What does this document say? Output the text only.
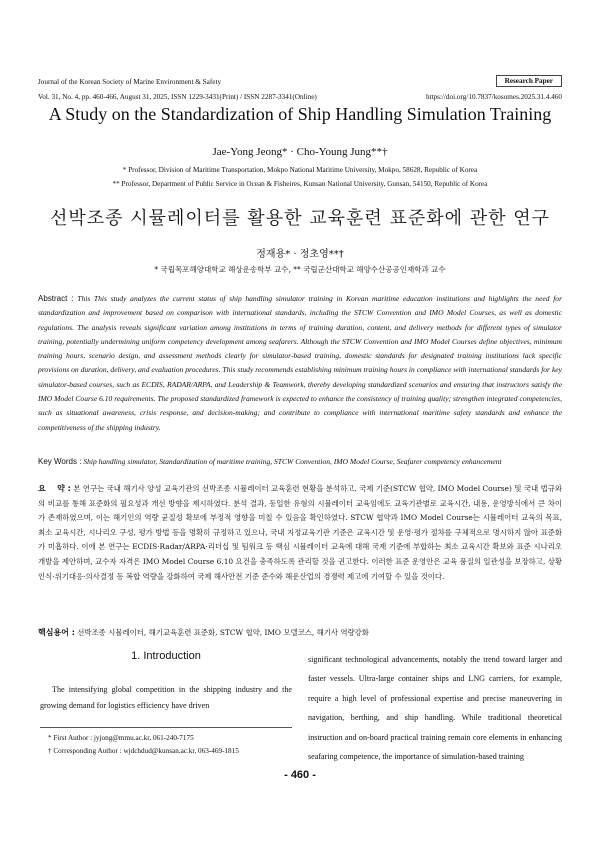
Journal of the Korean Society of Marine Environment & Safety
Vol. 31, No. 4, pp. 460-466, August 31, 2025, ISSN 1229-3431(Print) / ISSN 2287-3341(Online)	https://doi.org/10.7837/kosomes.2025.31.4.460
Research Paper
A Study on the Standardization of Ship Handling Simulation Training
Jae-Yong Jeong* · Cho-Young Jung**†
* Professor, Division of Maritime Transportation, Mokpo National Maritime University, Mokpo, 58628, Republic of Korea
** Professor, Department of Public Service in Ocean & Fisheires, Kunsan National University, Gunsan, 54150, Republic of Korea
선박조종 시뮬레이터를 활용한 교육훈련 표준화에 관한 연구
정재용* · 정초영**†
* 국립목포해양대학교 해상운송학부 교수, ** 국립군산대학교 해양수산공공인재학과 교수
Abstract : This This study analyzes the current status of ship handling simulator training in Korean maritime education institutions and highlights the need for standardization and improvement based on comparison with international standards, including the STCW Convention and IMO Model Courses, as well as domestic regulations. The analysis reveals significant variation among institutions in terms of training duration, content, and delivery methods for different types of simulator training, potentially undermining uniform competency development among seafarers. Although the STCW Convention and IMO Model Courses define objectives, minimum training hours, scenario design, and assessment methods clearly for simulator-based training, domestic standards for designated training institutions lack specific provisions on duration, delivery, and evaluation procedures. This study recommends establishing minimum training hours in compliance with international standards for key simulator-based courses, such as ECDIS, RADAR/ARPA, and Leadership & Teamwork, thereby developing standardized scenarios and ensuring that instructors satisfy the IMO Model Course 6.10 requirements. The proposed standardized framework is expected to enhance the consistency of training quality; strengthen integrated competencies, such as situational awareness, crisis response, and decision-making; and contribute to compliance with international maritime safety standards and enhance the competitiveness of the shipping industry.
Key Words : Ship handling simulator, Standardization of maritime training, STCW Convention, IMO Model Course, Seafarer competency enhancement
요    약 : 본 연구는 국내 해기사 양성 교육기관의 선박조종 시뮬레이터 교육훈련 현황을 분석하고, 국제 기준(STCW 협약, IMO Model Course) 및 국내 법규와의 비교를 통해 표준화의 필요성과 개선 방향을 제시하였다. 분석 결과, 동일한 유형의 시뮬레이터 교육임에도 교육기관별로 교육시간, 내용, 운영방식에서 큰 차이가 존재하였으며, 이는 해기인의 역량 균질성 확보에 부정적 영향을 미칠 수 있음을 확인하였다. STCW 협약과 IMO Model Course는 시뮬레이터 교육의 목표, 최소 교육시간, 시나리오 구성, 평가 방법 등을 명확히 규정하고 있으나, 국내 지정교육기관 기준은 교육시간 및 운영·평가 절차를 구체적으로 명시하지 않아 표준화가 미흡하다. 이에 본 연구는 ECDIS·Radar/ARPA·리더십 및 팀워크 등 핵심 시뮬레이터 교육에 대해 국제 기준에 부합하는 최소 교육시간 확보와 표준 시나리오 개발을 제안하며, 교수자 자격은 IMO Model Course 6.10 요건을 충족하도록 관리할 것을 권고한다. 이러한 표준 운영안은 교육 품질의 일관성을 보장하고, 상황인식·위기대응·의사결정 등 복합 역량을 강화하여 국제 해사안전 기준 준수와 해운산업의 경쟁력 제고에 기여할 수 있을 것이다.
핵심용어 : 선박조종 시뮬레이터, 해기교육훈련 표준화, STCW 협약, IMO 모델코스, 해기사 역량강화
1. Introduction
The intensifying global competition in the shipping industry and the growing demand for logistics efficiency have driven
* First Author : jyjong@mmu.ac.kr, 061-240-7175
† Corresponding Author : wjdchdud@kunsan.ac.kr, 063-469-1815
significant technological advancements, notably the trend toward larger and faster vessels. Ultra-large container ships and LNG carriers, for example, require a high level of professional expertise and precise maneuvering in navigation, berthing, and ship handling. While traditional theoretical instruction and on-board practical training remain core elements in enhancing seafaring competence, the importance of simulation-based training
- 460 -
